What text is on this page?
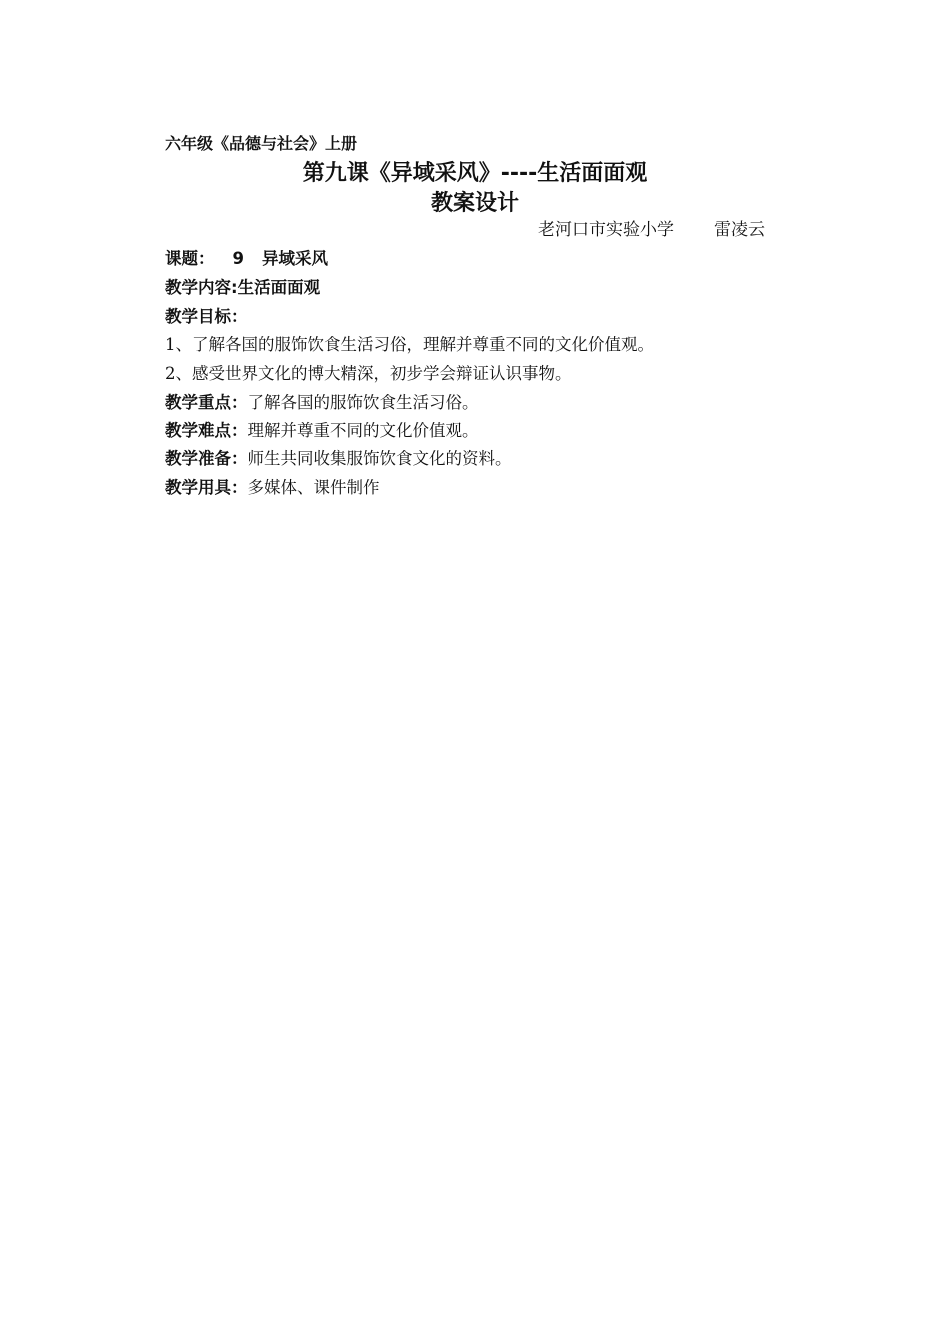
六年级《品德与社会》上册
第九课《异域采风》----生活面面观
教案设计
老河口市实验小学 雷凌云
课题： 9 异域采风
教学内容:生活面面观
教学目标：
1、了解各国的服饰饮食生活习俗，理解并尊重不同的文化价值观。
2、感受世界文化的博大精深，初步学会辩证认识事物。
教学重点：了解各国的服饰饮食生活习俗。
教学难点：理解并尊重不同的文化价值观。
教学准备：师生共同收集服饰饮食文化的资料。
教学用具：多媒体、课件制作
